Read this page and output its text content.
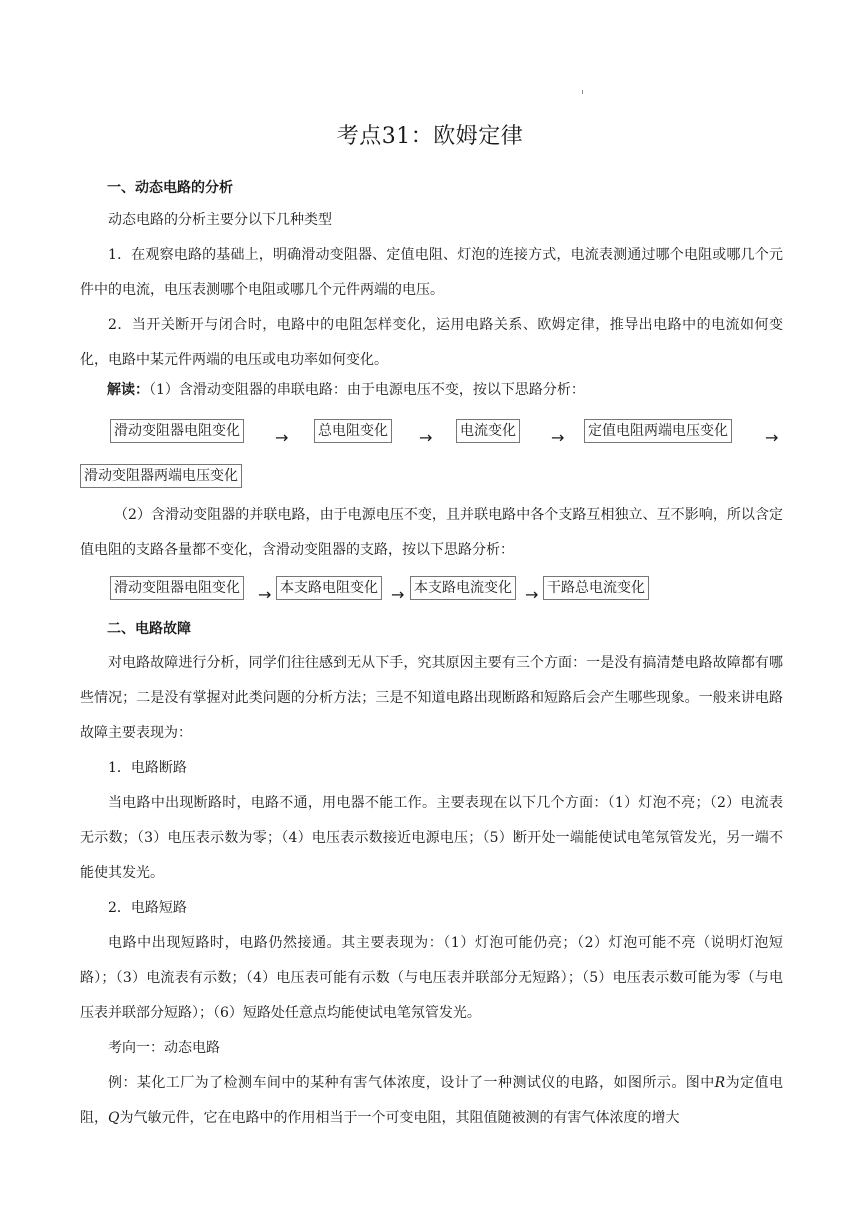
考点31：欧姆定律
一、动态电路的分析

动态电路的分析主要分以下几种类型

1．在观察电路的基础上，明确滑动变阻器、定值电阻、灯泡的连接方式，电流表测通过哪个电阻或哪几个元件中的电流，电压表测哪个电阻或哪几个元件两端的电压。

2．当开关断开与闭合时，电路中的电阻怎样变化，运用电路关系、欧姆定律，推导出电路中的电流如何变化，电路中某元件两端的电压或电功率如何变化。

解读：（1）含滑动变阻器的串联电路：由于电源电压不变，按以下思路分析：
滑动变阻器电阻变化 → 总电阻变化 → 电流变化 → 定值电阻两端电压变化 →
滑动变阻器两端电压变化

（2）含滑动变阻器的并联电路，由于电源电压不变，且并联电路中各个支路互相独立、互不影响，所以含定值电阻的支路各量都不变化，含滑动变阻器的支路，按以下思路分析：

滑动变阻器电阻变化 → 本支路电阻变化 → 本支路电流变化 → 干路总电流变化
二、电路故障

对电路故障进行分析，同学们往往感到无从下手，究其原因主要有三个方面：一是没有搞清楚电路故障都有哪些情况；二是没有掌握对此类问题的分析方法；三是不知道电路出现断路和短路后会产生哪些现象。一般来讲电路故障主要表现为：

1．电路断路

当电路中出现断路时，电路不通，用电器不能工作。主要表现在以下几个方面：（1）灯泡不亮；（2）电流表无示数；（3）电压表示数为零；（4）电压表示数接近电源电压；（5）断开处一端能使试电笔氖管发光，另一端不能使其发光。

2．电路短路

电路中出现短路时，电路仍然接通。其主要表现为：（1）灯泡可能仍亮；（2）灯泡可能不亮（说明灯泡短路）；（3）电流表有示数；（4）电压表可能有示数（与电压表并联部分无短路）；（5）电压表示数可能为零（与电压表并联部分短路）；（6）短路处任意点均能使试电笔氖管发光。

考向一：动态电路

例：某化工厂为了检测车间中的某种有害气体浓度，设计了一种测试仪的电路，如图所示。图中R为定值电阻，Q为气敏元件，它在电路中的作用相当于一个可变电阻，其阻值随被测的有害气体浓度的增大
